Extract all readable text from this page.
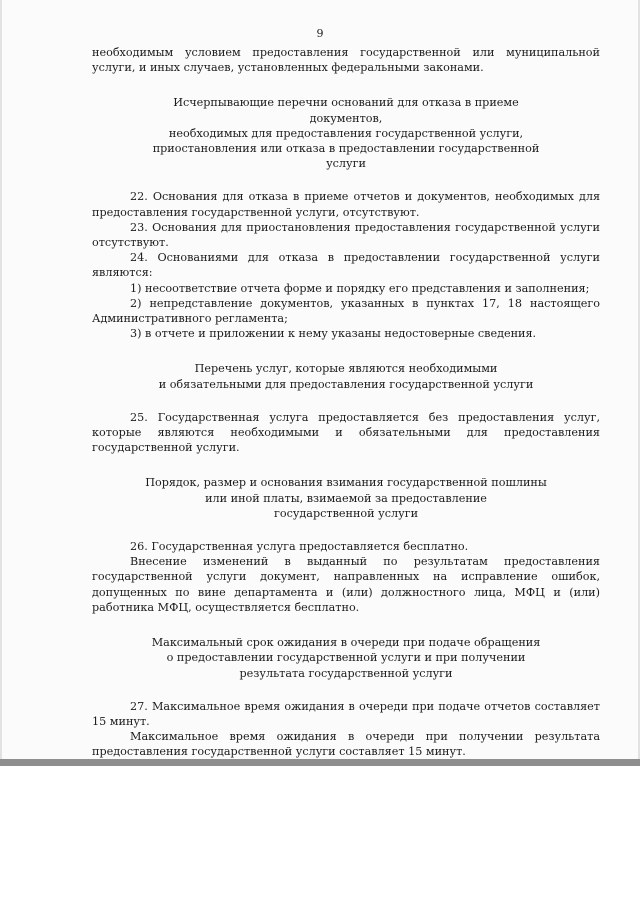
9

необходимым условием предоставления государственной или муниципальной услуги, и иных случаев, установленных федеральными законами.

Исчерпывающие перечни оснований для отказа в приеме документов,
необходимых для предоставления государственной услуги,
приостановления или отказа в предоставлении государственной услуги

22. Основания для отказа в приеме отчетов и документов, необходимых для предоставления государственной услуги, отсутствуют.

23. Основания для приостановления предоставления государственной услуги отсутствуют.

24. Основаниями для отказа в предоставлении государственной услуги являются:

1) несоответствие отчета форме и порядку его представления и заполнения;

2) непредставление документов, указанных в пунктах 17, 18 настоящего Административного регламента;

3) в отчете и приложении к нему указаны недостоверные сведения.

Перечень услуг, которые являются необходимыми
и обязательными для предоставления государственной услуги

25. Государственная услуга предоставляется без предоставления услуг, которые являются необходимыми и обязательными для предоставления государственной услуги.

Порядок, размер и основания взимания государственной пошлины
или иной платы, взимаемой за предоставление
государственной услуги

26. Государственная услуга предоставляется бесплатно.

Внесение изменений в выданный по результатам предоставления государственной услуги документ, направленных на исправление ошибок, допущенных по вине департамента и (или) должностного лица, МФЦ и (или) работника МФЦ, осуществляется бесплатно.

Максимальный срок ожидания в очереди при подаче обращения
о предоставлении государственной услуги и при получении
результата государственной услуги

27. Максимальное время ожидания в очереди при подаче отчетов составляет 15 минут.

Максимальное время ожидания в очереди при получении результата предоставления государственной услуги составляет 15 минут.
